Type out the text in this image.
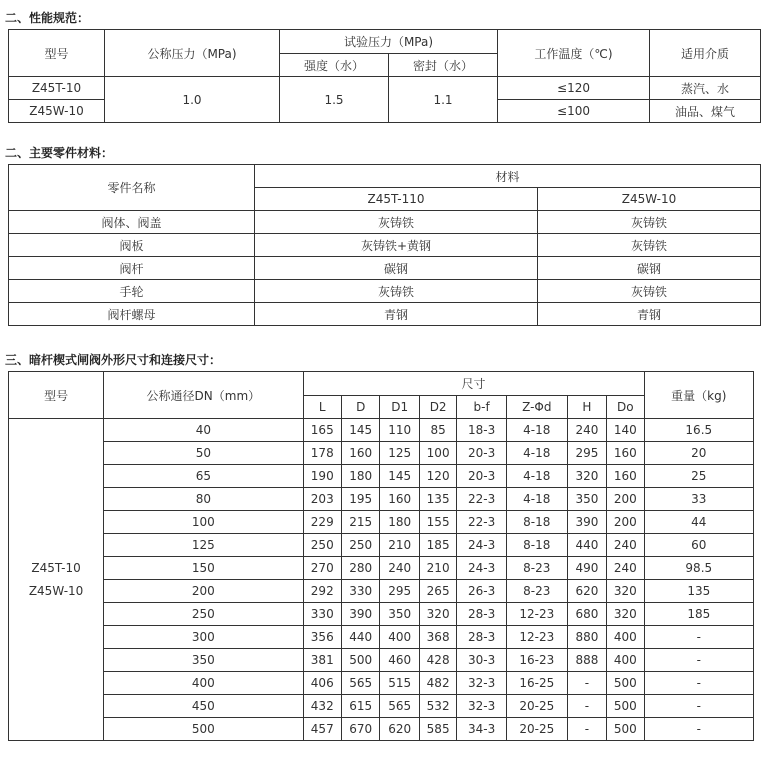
二、性能规范：
型号	公称压力（MPa)	试验压力（MPa)		工作温度（℃)	适用介质
		强度（水）	密封（水）		
Z45T-10	1.0	1.5	1.1	≤120	蒸汽、水
Z45W-10				≤100	油品、煤气
二、主要零件材料：
零件名称	材料	
	Z45T-110	Z45W-10
阀体、阀盖	灰铸铁	灰铸铁
阀板	灰铸铁+黄钢	灰铸铁
阀杆	碳钢	碳钢
手轮	灰铸铁	灰铸铁
阀杆螺母	青钢	青钢
三、暗杆楔式闸阀外形尺寸和连接尺寸：
型号	公称通径DN（mm）	尺寸								重量（kg)
		L	D	D1	D2	b-f	Z-Φd	H	Do	

Z45T-10
Z45W-10	40	165	145	110	85	18-3	4-18	240	140	16.5
	50	178	160	125	100	20-3	4-18	295	160	20
	65	190	180	145	120	20-3	4-18	320	160	25
	80	203	195	160	135	22-3	4-18	350	200	33
	100	229	215	180	155	22-3	8-18	390	200	44
	125	250	250	210	185	24-3	8-18	440	240	60
	150	270	280	240	210	24-3	8-23	490	240	98.5
	200	292	330	295	265	26-3	8-23	620	320	135
	250	330	390	350	320	28-3	12-23	680	320	185
	300	356	440	400	368	28-3	12-23	880	400	-
	350	381	500	460	428	30-3	16-23	888	400	-
	400	406	565	515	482	32-3	16-25	-	500	-
	450	432	615	565	532	32-3	20-25	-	500	-
	500	457	670	620	585	34-3	20-25	-	500	-
